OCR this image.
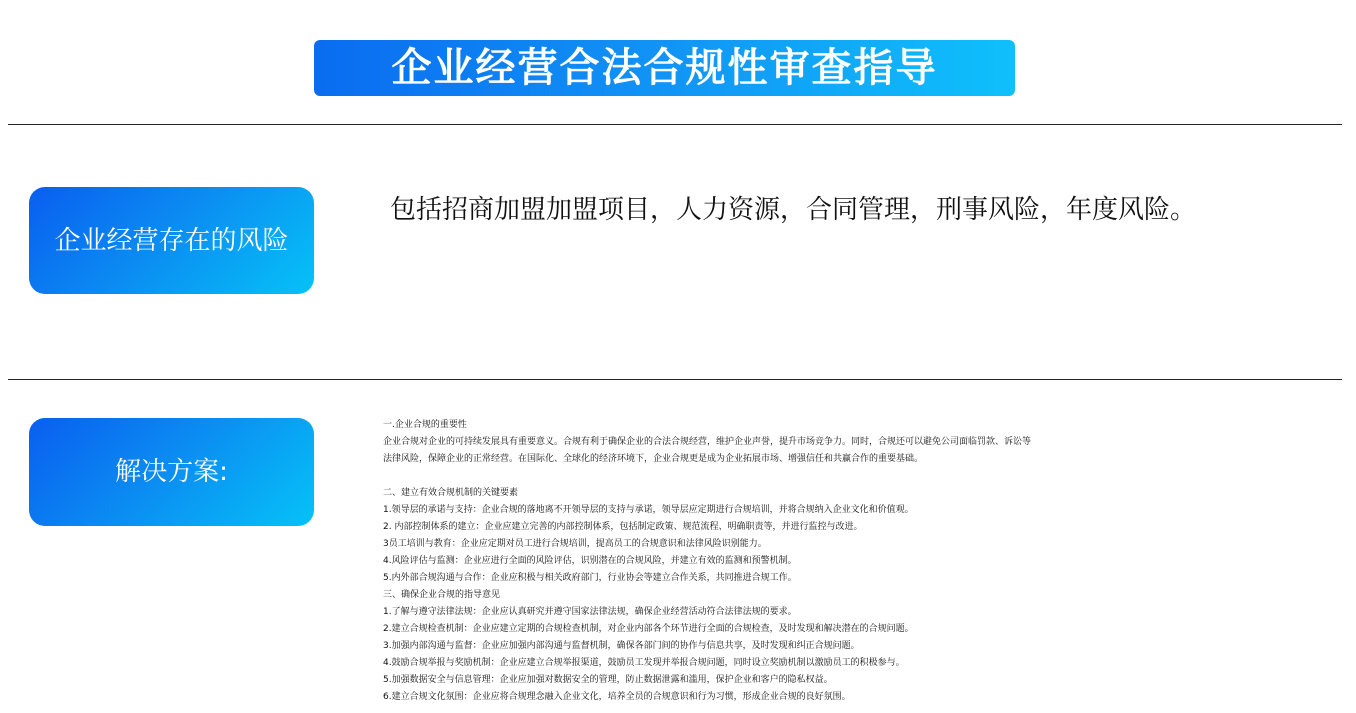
企业经营合法合规性审查指导
企业经营存在的风险
包括招商加盟加盟项目，人力资源，合同管理，刑事风险，年度风险。
解决方案:

一.企业合规的重要性

企业合规对企业的可持续发展具有重要意义。合规有利于确保企业的合法合规经营，维护企业声誉，提升市场竞争力。同时，合规还可以避免公司面临罚款、诉讼等

法律风险，保障企业的正常经营。在国际化、全球化的经济环境下，企业合规更是成为企业拓展市场、增强信任和共赢合作的重要基础。

二、建立有效合规机制的关键要素

1.领导层的承诺与支持：企业合规的落地离不开领导层的支持与承诺，领导层应定期进行合规培训，并将合规纳入企业文化和价值观。

2. 内部控制体系的建立：企业应建立完善的内部控制体系，包括制定政策、规范流程、明确职责等，并进行监控与改进。

3员工培训与教育：企业应定期对员工进行合规培训，提高员工的合规意识和法律风险识别能力。

4.风险评估与监测：企业应进行全面的风险评估，识别潜在的合规风险，并建立有效的监测和预警机制。

5.内外部合规沟通与合作：企业应积极与相关政府部门，行业协会等建立合作关系，共同推进合规工作。

三、确保企业合规的指导意见

1.了解与遵守法律法规：企业应认真研究并遵守国家法律法规，确保企业经营活动符合法律法规的要求。

2.建立合规检查机制：企业应建立定期的合规检查机制，对企业内部各个环节进行全面的合规检查，及时发现和解决潜在的合规问题。

3.加强内部沟通与监督：企业应加强内部沟通与监督机制，确保各部门间的协作与信息共享，及时发现和纠正合规问题。

4.鼓励合规举报与奖励机制：企业应建立合规举报渠道，鼓励员工发现并举报合规问题，同时设立奖励机制以激励员工的积极参与。

5.加强数据安全与信息管理：企业应加强对数据安全的管理，防止数据泄露和滥用，保护企业和客户的隐私权益。

6.建立合规文化氛围：企业应将合规理念融入企业文化，培养全员的合规意识和行为习惯，形成企业合规的良好氛围。
